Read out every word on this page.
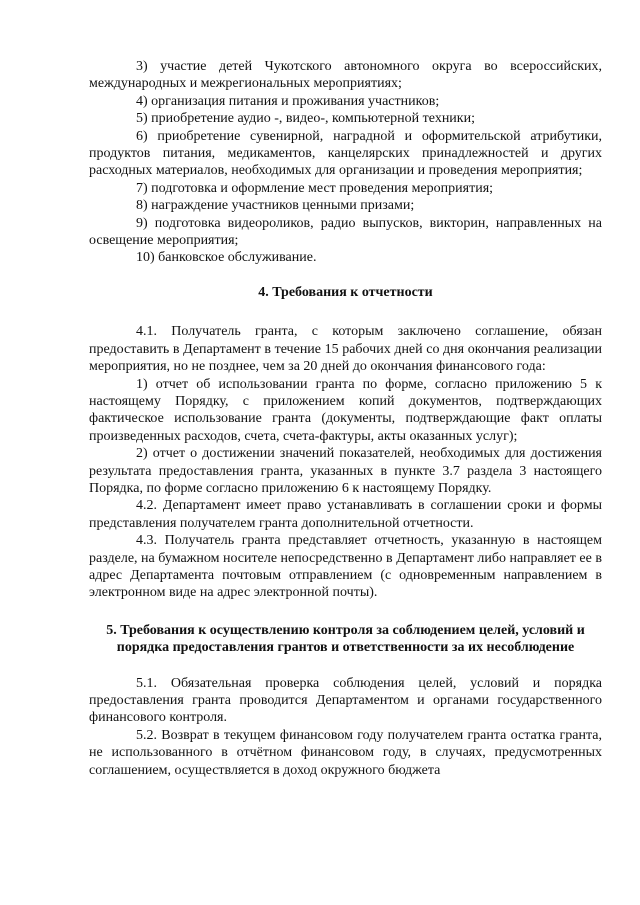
3) участие детей Чукотского автономного округа во всероссийских, международных и межрегиональных мероприятиях;

4) организация питания и проживания участников;

5) приобретение аудио -, видео-, компьютерной техники;

6) приобретение сувенирной, наградной и оформительской атрибутики, продуктов питания, медикаментов, канцелярских принадлежностей и других расходных материалов, необходимых для организации и проведения мероприятия;

7) подготовка и оформление мест проведения мероприятия;

8) награждение участников ценными призами;

9) подготовка видеороликов, радио выпусков, викторин, направленных на освещение мероприятия;

10) банковское обслуживание.

4. Требования к отчетности

4.1. Получатель гранта, с которым заключено соглашение, обязан предоставить в Департамент в течение 15 рабочих дней со дня окончания реализации мероприятия, но не позднее, чем за 20 дней до окончания финансового года:

1) отчет об использовании гранта по форме, согласно приложению 5 к настоящему Порядку, с приложением копий документов, подтверждающих фактическое использование гранта (документы, подтверждающие факт оплаты произведенных расходов, счета, счета-фактуры, акты оказанных услуг);

2) отчет о достижении значений показателей, необходимых для достижения результата предоставления гранта, указанных в пункте 3.7 раздела 3 настоящего Порядка, по форме согласно приложению 6 к настоящему Порядку.

4.2. Департамент имеет право устанавливать в соглашении сроки и формы представления получателем гранта дополнительной отчетности.

4.3. Получатель гранта представляет отчетность, указанную в настоящем разделе, на бумажном носителе непосредственно в Департамент либо направляет ее в адрес Департамента почтовым отправлением (с одновременным направлением в электронном виде на адрес электронной почты).

5. Требования к осуществлению контроля за соблюдением целей, условий и порядка предоставления грантов и ответственности за их несоблюдение

5.1. Обязательная проверка соблюдения целей, условий и порядка предоставления гранта проводится Департаментом и органами государственного финансового контроля.

5.2. Возврат в текущем финансовом году получателем гранта остатка гранта, не использованного в отчётном финансовом году, в случаях, предусмотренных соглашением, осуществляется в доход окружного бюджета
